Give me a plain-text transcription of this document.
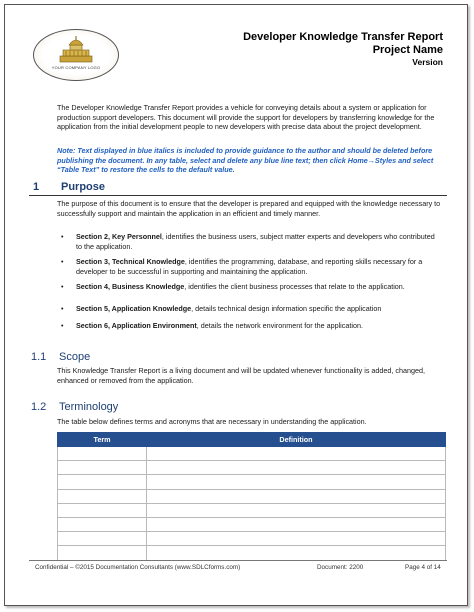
YOUR COMPANY LOGO
Developer Knowledge Transfer Report
Project Name
Version
The Developer Knowledge Transfer Report provides a vehicle for conveying details about a system or application for production support developers. This document will provide the support for developers by transferring knowledge for the application from the initial development people to new developers with precise data about the project development.
Note: Text displayed in blue italics is included to provide guidance to the author and should be deleted before publishing the document. In any table, select and delete any blue line text; then click Home→Styles and select “Table Text” to restore the cells to the default value.
1 Purpose
The purpose of this document is to ensure that the developer is prepared and equipped with the knowledge necessary to successfully support and maintain the application in an efficient and timely manner.
• Section 2, Key Personnel, identifies the business users, subject matter experts and developers who contributed to the application.
• Section 3, Technical Knowledge, identifies the programming, database, and reporting skills necessary for a developer to be successful in supporting and maintaining the application.
• Section 4, Business Knowledge, identifies the client business processes that relate to the application.
• Section 5, Application Knowledge, details technical design information specific the application
• Section 6, Application Environment, details the network environment for the application.
1.1 Scope
This Knowledge Transfer Report is a living document and will be updated whenever functionality is added, changed, enhanced or removed from the application.
1.2 Terminology
The table below defines terms and acronyms that are necessary in understanding the application.
Term	Definition

Confidential – ©2015 Documentation Consultants (www.SDLCforms.com)	Document: 2200	Page 4 of 14
